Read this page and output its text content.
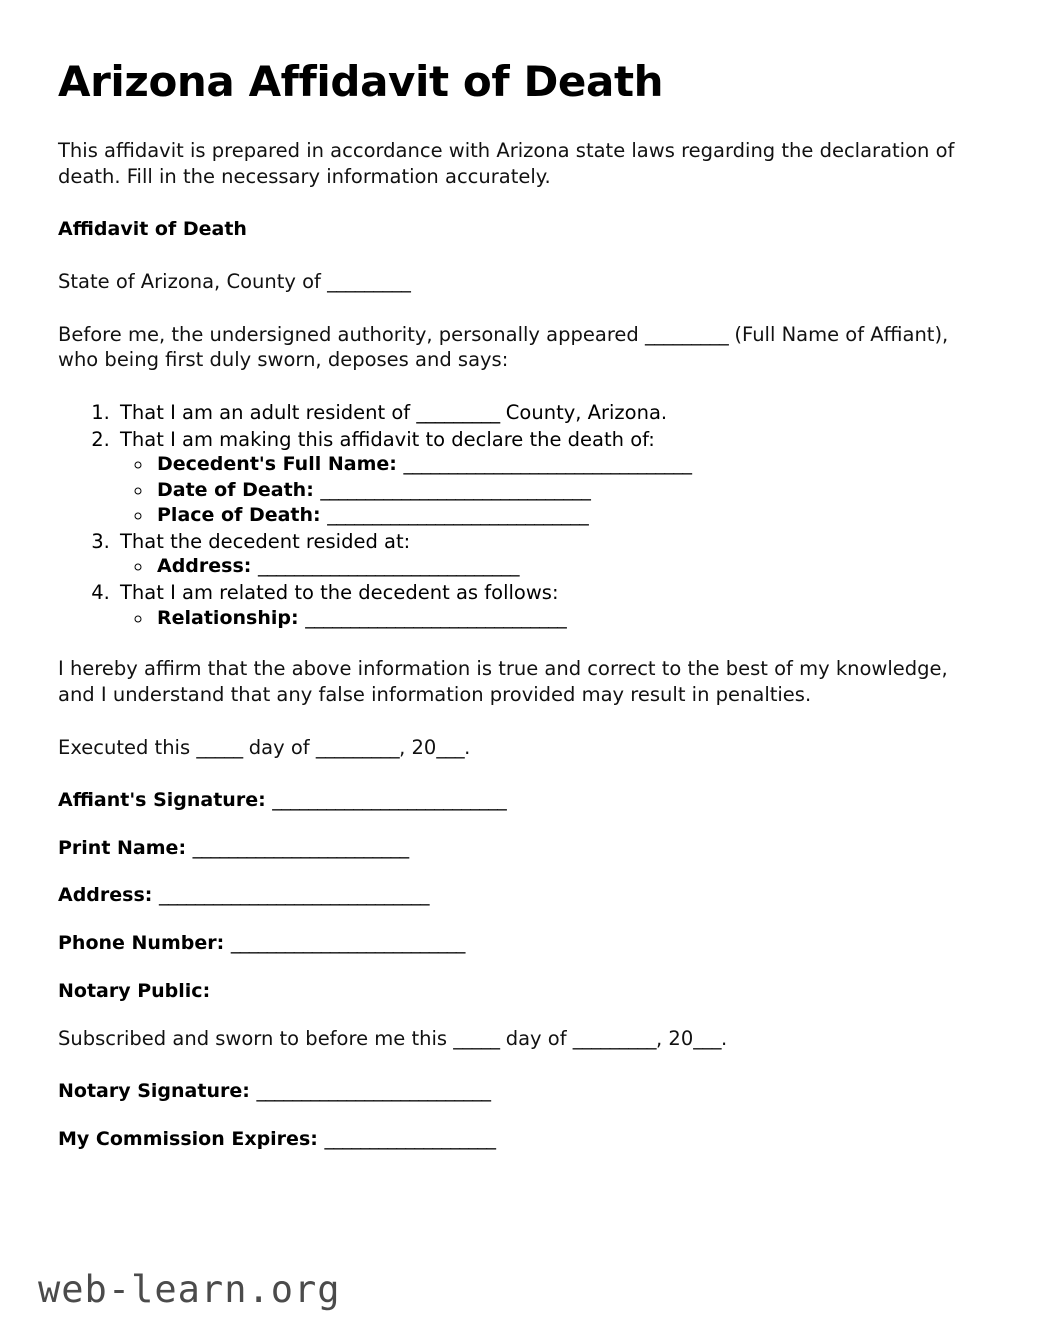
Arizona Affidavit of Death

This affidavit is prepared in accordance with Arizona state laws regarding the declaration of death. Fill in the necessary information accurately.

Affidavit of Death

State of Arizona, County of _________

Before me, the undersigned authority, personally appeared _________ (Full Name of Affiant), who being first duly sworn, deposes and says:

1. That I am an adult resident of _________ County, Arizona.
2. That I am making this affidavit to declare the death of:
◦ Decedent's Full Name: ________________________________
◦ Date of Death: ______________________________
◦ Place of Death: _____________________________
3. That the decedent resided at:
◦ Address: _____________________________
4. That I am related to the decedent as follows:
◦ Relationship: _____________________________

I hereby affirm that the above information is true and correct to the best of my knowledge, and I understand that any false information provided may result in penalties.

Executed this _____ day of _________, 20___.

Affiant's Signature: __________________________
Print Name: ________________________
Address: ______________________________
Phone Number: __________________________
Notary Public:

Subscribed and sworn to before me this _____ day of _________, 20___.

Notary Signature: __________________________
My Commission Expires: ___________________
web-learn.org
